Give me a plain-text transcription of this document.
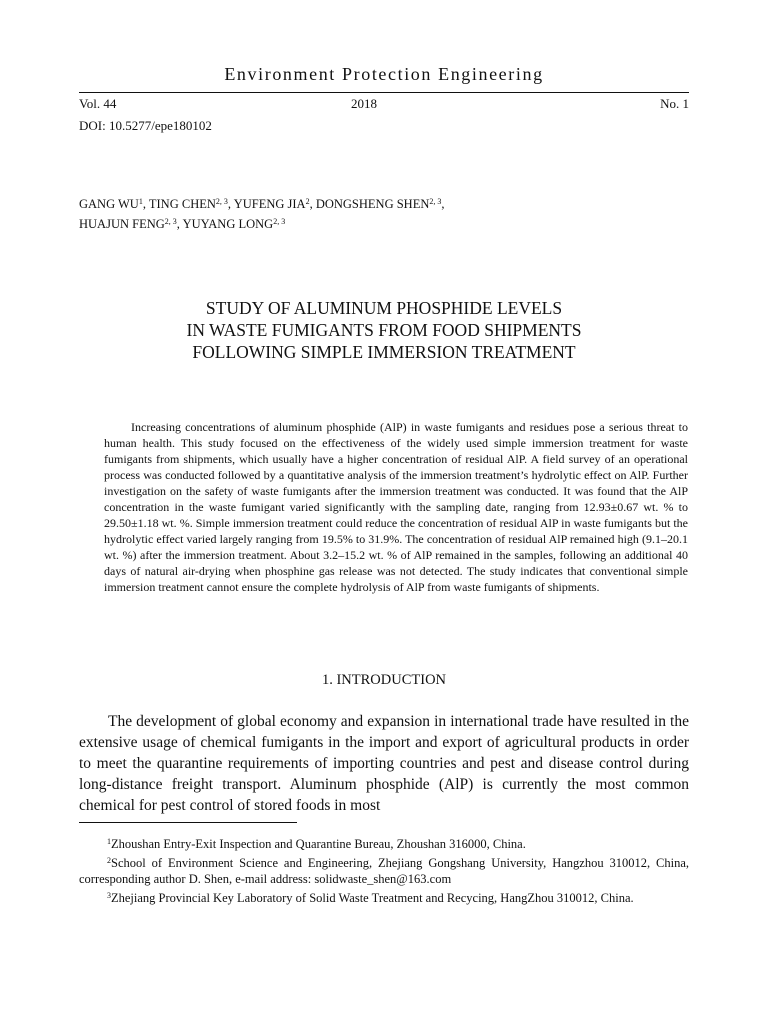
Environment Protection Engineering
Vol. 44	2018	No. 1
DOI: 10.5277/epe180102
GANG $WU^1$, TING CHEN$^{2, 3}$, YUFENG JIA$^2$, DONGSHENG SHEN$^{2, 3}$,
HUAJUN FENG$^{2, 3}$, YUYANG LONG$^{2, 3}$
STUDY OF ALUMINUM PHOSPHIDE LEVELS
IN WASTE FUMIGANTS FROM FOOD SHIPMENTS
FOLLOWING SIMPLE IMMERSION TREATMENT
Increasing concentrations of aluminum phosphide (AlP) in waste fumigants and residues pose a serious threat to human health. This study focused on the effectiveness of the widely used simple immersion treatment for waste fumigants from shipments, which usually have a higher concentration of residual AlP. A field survey of an operational process was conducted followed by a quantitative analysis of the immersion treatment’s hydrolytic effect on AlP. Further investigation on the safety of waste fumigants after the immersion treatment was conducted. It was found that the AlP concentration in the waste fumigant varied significantly with the sampling date, ranging from 12.93±0.67 wt. % to 29.50±1.18 wt. %. Simple immersion treatment could reduce the concentration of residual AlP in waste fumigants but the hydrolytic effect varied largely ranging from 19.5% to 31.9%. The concentration of residual AlP remained high (9.1–20.1 wt. %) after the immersion treatment. About 3.2–15.2 wt. % of AlP remained in the samples, following an additional 40 days of natural air-drying when phosphine gas release was not detected. The study indicates that conventional simple immersion treatment cannot ensure the complete hydrolysis of AlP from waste fumigants of shipments.
1. INTRODUCTION
The development of global economy and expansion in international trade have resulted in the extensive usage of chemical fumigants in the import and export of agricultural products in order to meet the quarantine requirements of importing countries and pest and disease control during long-distance freight transport. Aluminum phosphide (AlP) is currently the most common chemical for pest control of stored foods in most

$^1$Zhoushan Entry-Exit Inspection and Quarantine Bureau, Zhoushan 316000, China.

$^2$School of Environment Science and Engineering, Zhejiang Gongshang University, Hangzhou 310012, China, corresponding author D. Shen, e-mail address: solidwaste_shen@163.com

$^3$Zhejiang Provincial Key Laboratory of Solid Waste Treatment and Recycing, HangZhou 310012, China.
